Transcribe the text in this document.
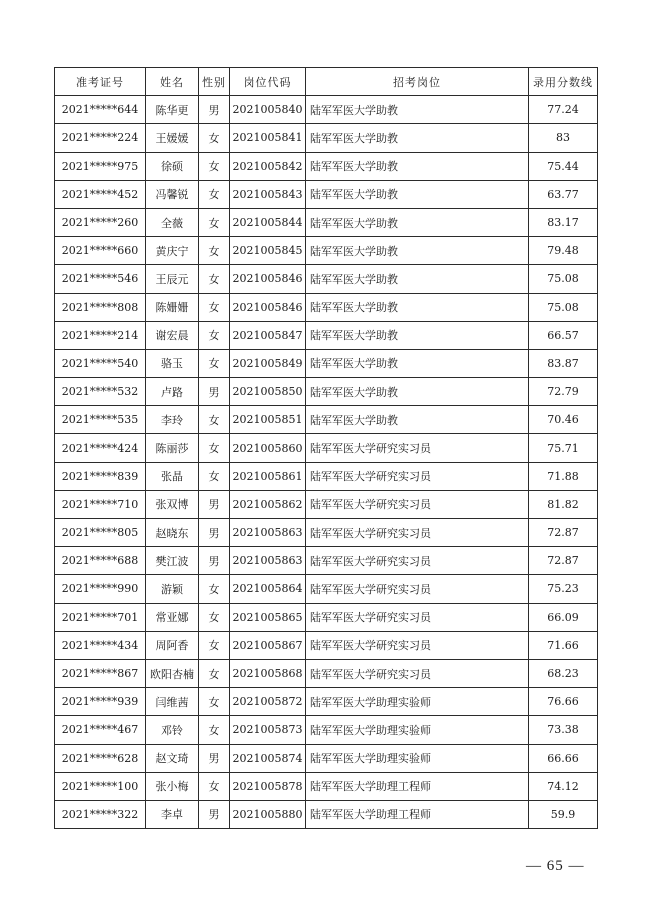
准考证号	姓名	性别	岗位代码	招考岗位	录用分数线
2021*****644	陈华更	男	2021005840	陆军军医大学助教	77.24
2021*****224	王媛媛	女	2021005841	陆军军医大学助教	83
2021*****975	徐硕	女	2021005842	陆军军医大学助教	75.44
2021*****452	冯馨锐	女	2021005843	陆军军医大学助教	63.77
2021*****260	全薇	女	2021005844	陆军军医大学助教	83.17
2021*****660	黄庆宁	女	2021005845	陆军军医大学助教	79.48
2021*****546	王辰元	女	2021005846	陆军军医大学助教	75.08
2021*****808	陈姗姗	女	2021005846	陆军军医大学助教	75.08
2021*****214	谢宏晨	女	2021005847	陆军军医大学助教	66.57
2021*****540	骆玉	女	2021005849	陆军军医大学助教	83.87
2021*****532	卢路	男	2021005850	陆军军医大学助教	72.79
2021*****535	李玲	女	2021005851	陆军军医大学助教	70.46
2021*****424	陈丽莎	女	2021005860	陆军军医大学研究实习员	75.71
2021*****839	张晶	女	2021005861	陆军军医大学研究实习员	71.88
2021*****710	张双博	男	2021005862	陆军军医大学研究实习员	81.82
2021*****805	赵晓东	男	2021005863	陆军军医大学研究实习员	72.87
2021*****688	樊江波	男	2021005863	陆军军医大学研究实习员	72.87
2021*****990	游颖	女	2021005864	陆军军医大学研究实习员	75.23
2021*****701	常亚娜	女	2021005865	陆军军医大学研究实习员	66.09
2021*****434	周阿香	女	2021005867	陆军军医大学研究实习员	71.66
2021*****867	欧阳杏楠	女	2021005868	陆军军医大学研究实习员	68.23
2021*****939	闫维茜	女	2021005872	陆军军医大学助理实验师	76.66
2021*****467	邓铃	女	2021005873	陆军军医大学助理实验师	73.38
2021*****628	赵文琦	男	2021005874	陆军军医大学助理实验师	66.66
2021*****100	张小梅	女	2021005878	陆军军医大学助理工程师	74.12
2021*****322	李卓	男	2021005880	陆军军医大学助理工程师	59.9
— 65 —
